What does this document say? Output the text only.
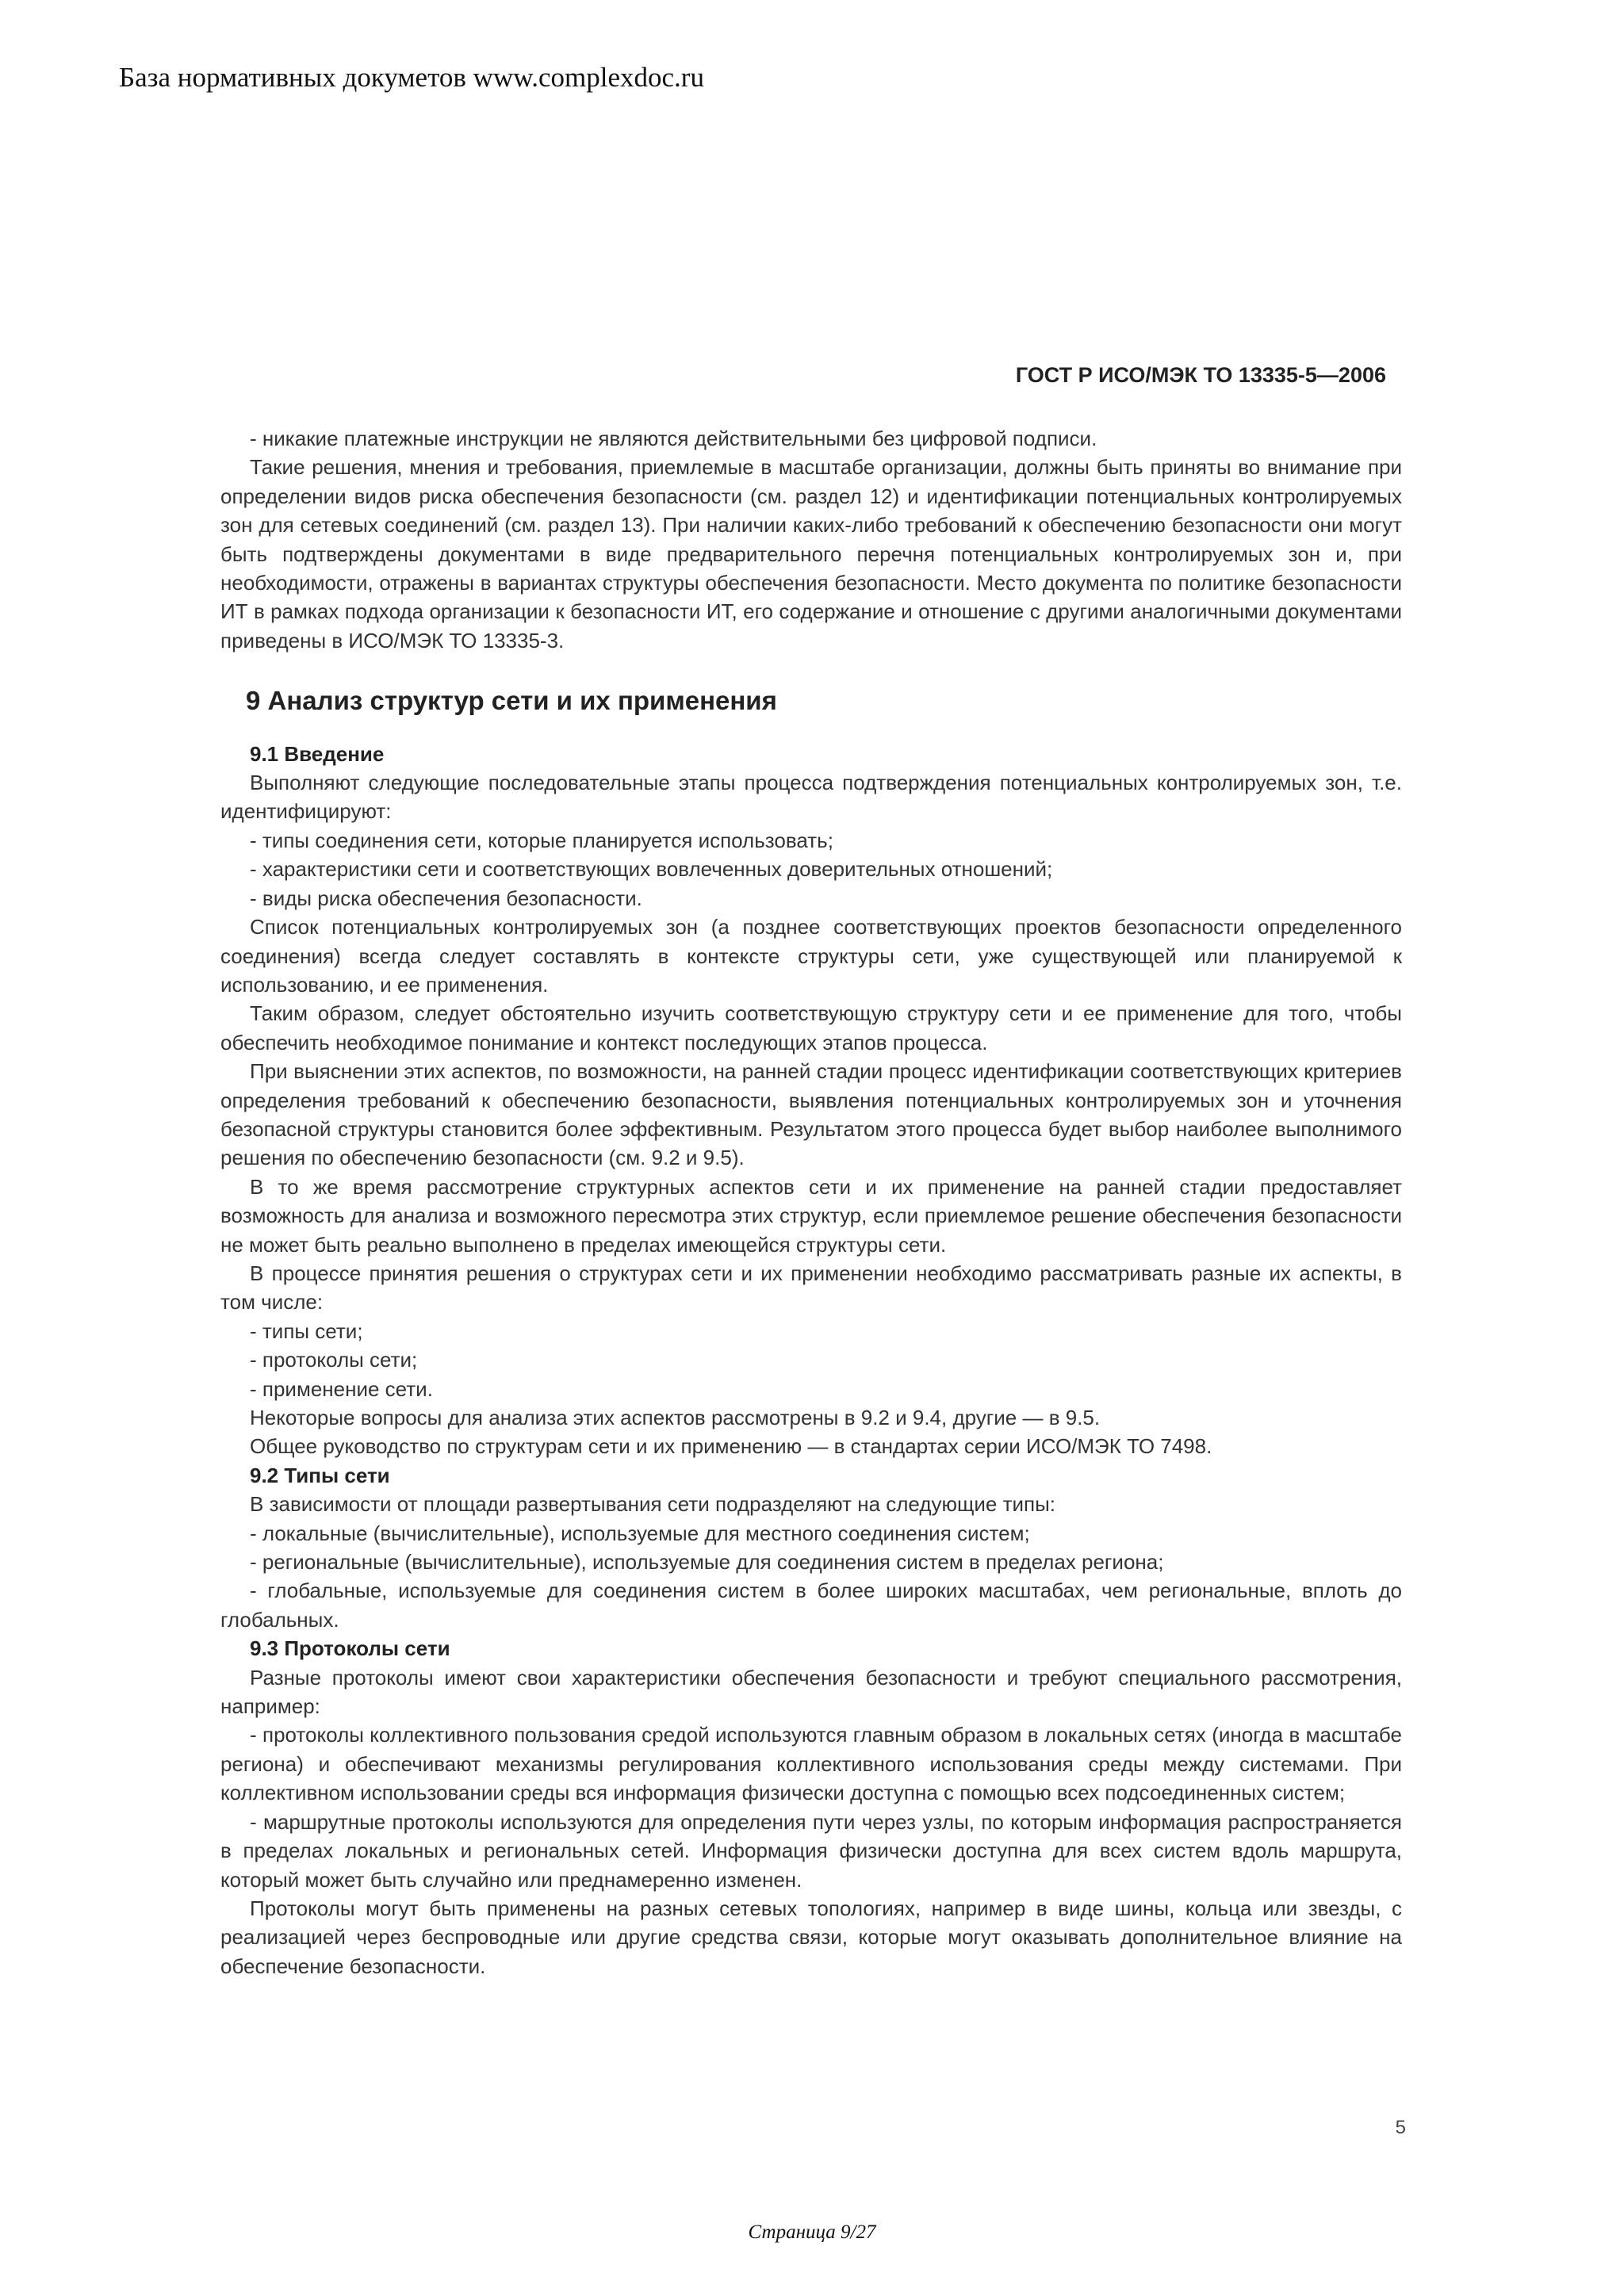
База нормативных докуметов www.complexdoc.ru
ГОСТ Р ИСО/МЭК ТО 13335-5—2006

- никакие платежные инструкции не являются действительными без цифровой подписи.

Такие решения, мнения и требования, приемлемые в масштабе организации, должны быть приняты во внимание при определении видов риска обеспечения безопасности (см. раздел 12) и идентификации потенциальных контролируемых зон для сетевых соединений (см. раздел 13). При наличии каких-либо требований к обеспечению безопасности они могут быть подтверждены документами в виде предварительного перечня потенциальных контролируемых зон и, при необходимости, отражены в вариантах структуры обеспечения безопасности. Место документа по политике безопасности ИТ в рамках подхода организации к безопасности ИТ, его содержание и отношение с другими аналогичными документами приведены в ИСО/МЭК ТО 13335-3.

9 Анализ структур сети и их применения

9.1 Введение

Выполняют следующие последовательные этапы процесса подтверждения потенциальных контролируемых зон, т.е. идентифицируют:

- типы соединения сети, которые планируется использовать;

- характеристики сети и соответствующих вовлеченных доверительных отношений;

- виды риска обеспечения безопасности.

Список потенциальных контролируемых зон (а позднее соответствующих проектов безопасности определенного соединения) всегда следует составлять в контексте структуры сети, уже существующей или планируемой к использованию, и ее применения.

Таким образом, следует обстоятельно изучить соответствующую структуру сети и ее применение для того, чтобы обеспечить необходимое понимание и контекст последующих этапов процесса.

При выяснении этих аспектов, по возможности, на ранней стадии процесс идентификации соответствующих критериев определения требований к обеспечению безопасности, выявления потенциальных контролируемых зон и уточнения безопасной структуры становится более эффективным. Результатом этого процесса будет выбор наиболее выполнимого решения по обеспечению безопасности (см. 9.2 и 9.5).

В то же время рассмотрение структурных аспектов сети и их применение на ранней стадии предоставляет возможность для анализа и возможного пересмотра этих структур, если приемлемое решение обеспечения безопасности не может быть реально выполнено в пределах имеющейся структуры сети.

В процессе принятия решения о структурах сети и их применении необходимо рассматривать разные их аспекты, в том числе:

- типы сети;

- протоколы сети;

- применение сети.

Некоторые вопросы для анализа этих аспектов рассмотрены в 9.2 и 9.4, другие — в 9.5.

Общее руководство по структурам сети и их применению — в стандартах серии ИСО/МЭК ТО 7498.

9.2 Типы сети

В зависимости от площади развертывания сети подразделяют на следующие типы:

- локальные (вычислительные), используемые для местного соединения систем;

- региональные (вычислительные), используемые для соединения систем в пределах региона;

- глобальные, используемые для соединения систем в более широких масштабах, чем региональные, вплоть до глобальных.

9.3 Протоколы сети

Разные протоколы имеют свои характеристики обеспечения безопасности и требуют специального рассмотрения, например:

- протоколы коллективного пользования средой используются главным образом в локальных сетях (иногда в масштабе региона) и обеспечивают механизмы регулирования коллективного использования среды между системами. При коллективном использовании среды вся информация физически доступна с помощью всех подсоединенных систем;

- маршрутные протоколы используются для определения пути через узлы, по которым информация распространяется в пределах локальных и региональных сетей. Информация физически доступна для всех систем вдоль маршрута, который может быть случайно или преднамеренно изменен.

Протоколы могут быть применены на разных сетевых топологиях, например в виде шины, кольца или звезды, с реализацией через беспроводные или другие средства связи, которые могут оказывать дополнительное влияние на обеспечение безопасности.

5
Страница 9/27
